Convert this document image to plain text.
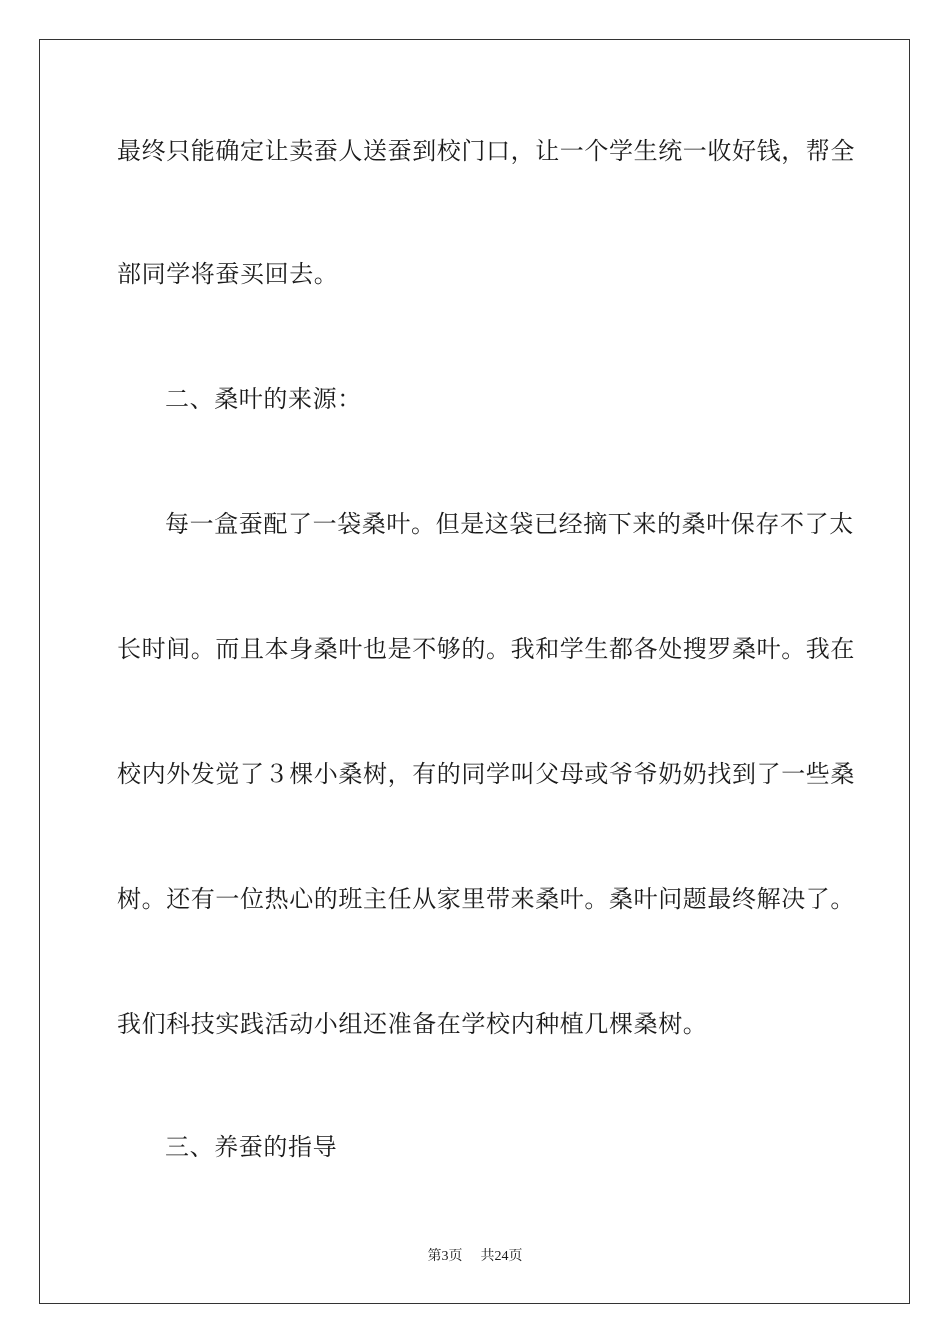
最终只能确定让卖蚕人送蚕到校门口，让一个学生统一收好钱，帮全
部同学将蚕买回去。
二、桑叶的来源：
每一盒蚕配了一袋桑叶。但是这袋已经摘下来的桑叶保存不了太
长时间。而且本身桑叶也是不够的。我和学生都各处搜罗桑叶。我在
校内外发觉了３棵小桑树，有的同学叫父母或爷爷奶奶找到了一些桑
树。还有一位热心的班主任从家里带来桑叶。桑叶问题最终解决了。
我们科技实践活动小组还准备在学校内种植几棵桑树。
三、养蚕的指导
第3页 共24页
